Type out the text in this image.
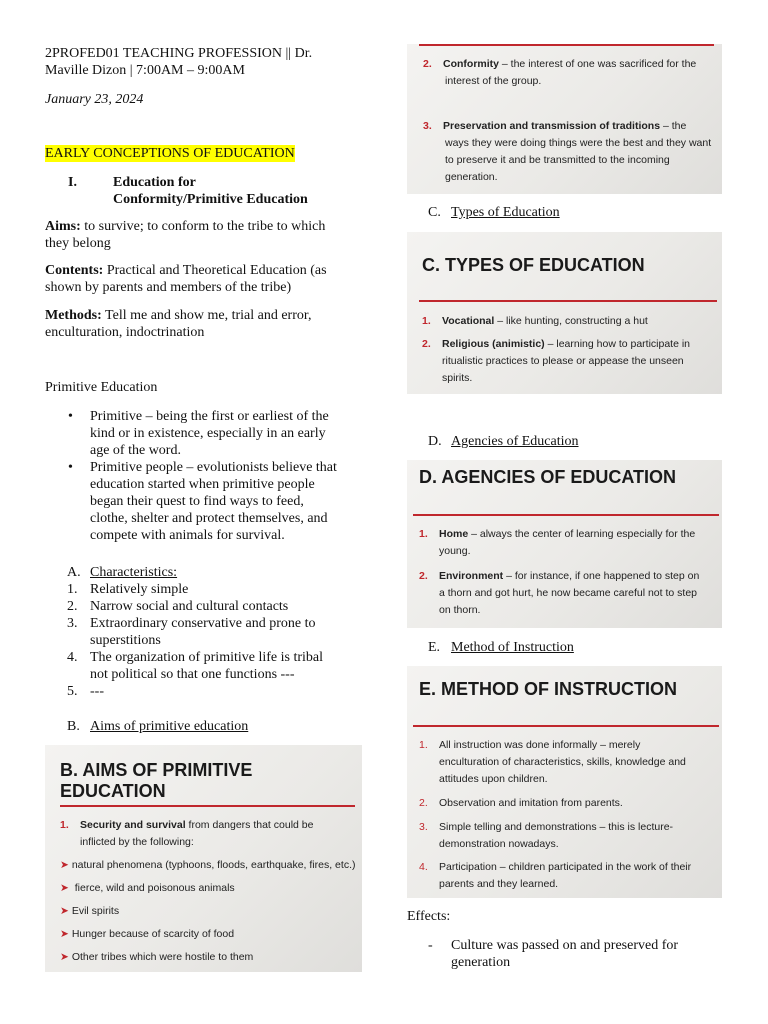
2PROFED01 TEACHING PROFESSION || Dr.
Maville Dizon | 7:00AM – 9:00AM
January 23, 2024
EARLY CONCEPTIONS OF EDUCATION
I.	Education for
Conformity/Primitive Education
Aims: to survive; to conform to the tribe to which
they belong
Contents: Practical and Theoretical Education (as
shown by parents and members of the tribe)
Methods: Tell me and show me, trial and error,
enculturation, indoctrination
Primitive Education
• Primitive – being the first or earliest of the
kind or in existence, especially in an early
age of the word.
• Primitive people – evolutionists believe that
education started when primitive people
began their quest to find ways to feed,
clothe, shelter and protect themselves, and
compete with animals for survival.
A. Characteristics:
1. Relatively simple
2. Narrow social and cultural contacts
3. Extraordinary conservative and prone to
superstitions
4. The organization of primitive life is tribal
not political so that one functions ---
5. ---
B. Aims of primitive education
B. AIMS OF PRIMITIVE
EDUCATION
1. Security and survival from dangers that could be
inflicted by the following:
➤ natural phenomena (typhoons, floods, earthquake, fires, etc.)
➤ fierce, wild and poisonous animals
➤ Evil spirits
➤ Hunger because of scarcity of food
➤ Other tribes which were hostile to them
2. Conformity – the interest of one was sacrificed for the
interest of the group.
3. Preservation and transmission of traditions – the
ways they were doing things were the best and they want
to preserve it and be transmitted to the incoming
generation.
C. Types of Education
C. TYPES OF EDUCATION
1. Vocational – like hunting, constructing a hut
2. Religious (animistic) – learning how to participate in
ritualistic practices to please or appease the unseen
spirits.
D. Agencies of Education
D. AGENCIES OF EDUCATION
1. Home – always the center of learning especially for the
young.
2. Environment – for instance, if one happened to step on
a thorn and got hurt, he now became careful not to step
on thorn.
E. Method of Instruction
E. METHOD OF INSTRUCTION
1. All instruction was done informally – merely
enculturation of characteristics, skills, knowledge and
attitudes upon children.
2. Observation and imitation from parents.
3. Simple telling and demonstrations – this is lecture-
demonstration nowadays.
4. Participation – children participated in the work of their
parents and they learned.
Effects:
- Culture was passed on and preserved for
generation
